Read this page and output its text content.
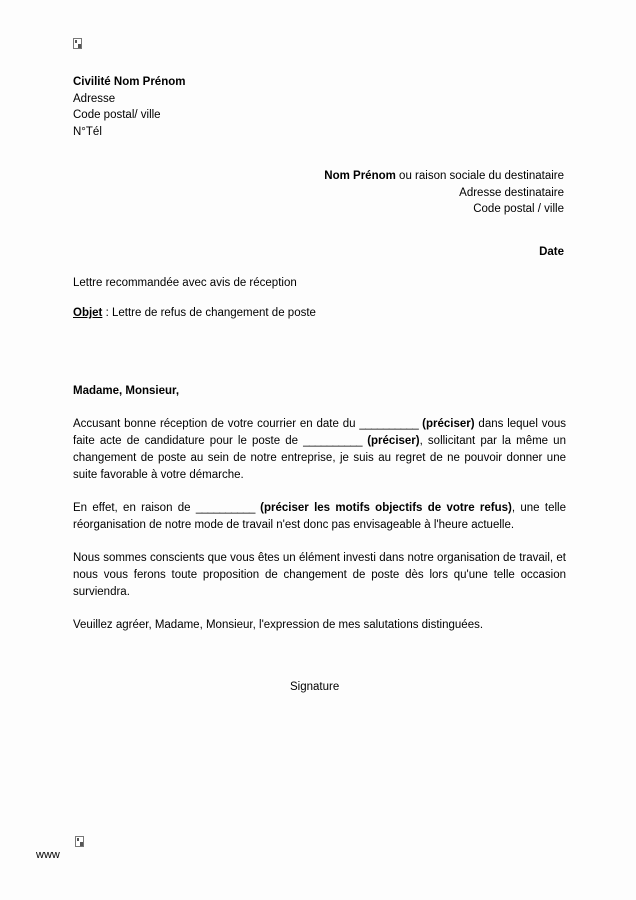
Civilité Nom Prénom
Adresse
Code postal/ ville
N°Tél
Nom Prénom ou raison sociale du destinataire
Adresse destinataire
Code postal / ville
Date
Lettre recommandée avec avis de réception
Objet : Lettre de refus de changement de poste
Madame, Monsieur,

Accusant bonne réception de votre courrier en date du __________ (préciser) dans lequel vous faite acte de candidature pour le poste de __________ (préciser), sollicitant par la même un changement de poste au sein de notre entreprise, je suis au regret de ne pouvoir donner une suite favorable à votre démarche.

En effet, en raison de __________ (préciser les motifs objectifs de votre refus), une telle réorganisation de notre mode de travail n'est donc pas envisageable à l'heure actuelle.

Nous sommes conscients que vous êtes un élément investi dans notre organisation de travail, et nous vous ferons toute proposition de changement de poste dès lors qu'une telle occasion surviendra.

Veuillez agréer, Madame, Monsieur, l'expression de mes salutations distinguées.

Signature
www
